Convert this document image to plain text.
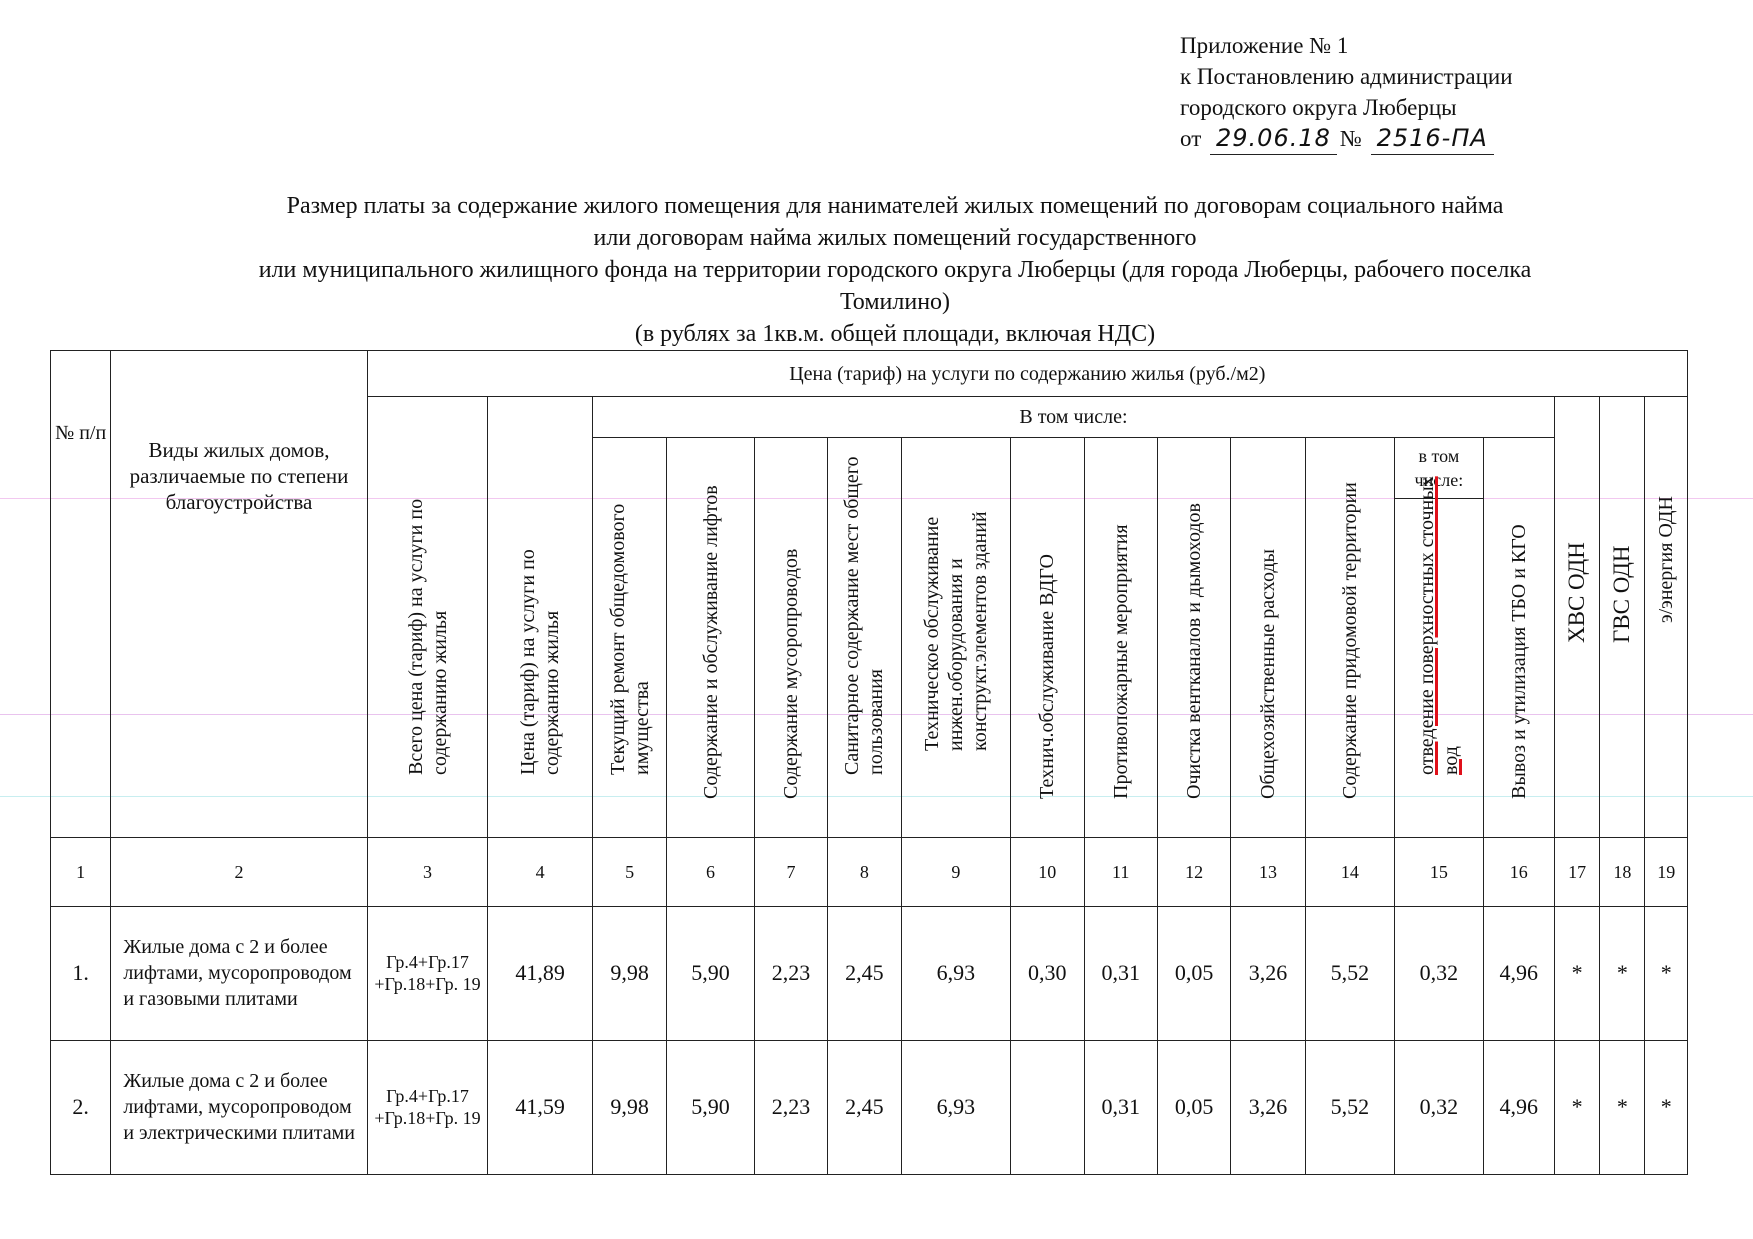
Приложение № 1
к Постановлению администрации
городского округа Люберцы
от 29.06.18 № 2516-ПА
Размер платы за содержание жилого помещения для нанимателей жилых помещений по договорам социального найма
или договорам найма жилых помещений государственного
или муниципального жилищного фонда на территории городского округа Люберцы (для города Люберцы, рабочего поселка
Томилино)
(в рублях за 1кв.м. общей площади, включая НДС)
№ п/п	Виды жилых домов, различаемые по степени благоустройства	Цена (тариф) на услуги по содержанию жилья (руб./м2)																

		Всего цена (тариф) на услуги по содержанию жилья	Цена (тариф) на услуги по содержанию жилья	В том числе:												ХВС ОДН	ГВС ОДН	э/энергия ОДН

				Текущий ремонт общедомового имущества	Содержание и обслуживание лифтов	Содержание мусоропроводов	Санитарное содержание мест общего пользования	Техническое обслуживание инжен.оборудования и конструкт.элементов зданий	Технич.обслуживание ВДГО	Противопожарные мероприятия	Очистка вентканалов и дымоходов	Общехозяйственные расходы	Содержание придомовой территории	в том числе:	Вывоз и утилизация ТБО и КГО			

														отведение поверхностных сточных вод				

1	2	3	4	5	6	7	8	9	10	11	12	13	14	15	16	17	18	19
1.	Жилые дома с 2 и более лифтами, мусоропроводом и газовыми плитами	Гр.4+Гр.17 +Гр.18+Гр. 19	41,89	9,98	5,90	2,23	2,45	6,93	0,30	0,31	0,05	3,26	5,52	0,32	4,96	*	*	*
2.	Жилые дома с 2 и более лифтами, мусоропроводом и электрическими плитами	Гр.4+Гр.17 +Гр.18+Гр. 19	41,59	9,98	5,90	2,23	2,45	6,93		0,31	0,05	3,26	5,52	0,32	4,96	*	*	*
